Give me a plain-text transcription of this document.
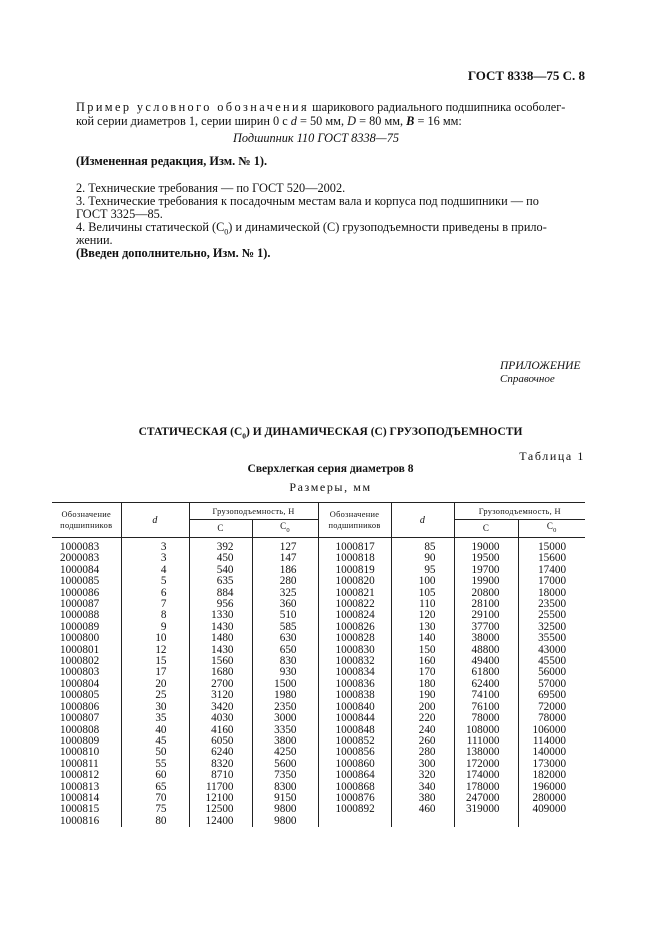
ГОСТ 8338—75 С. 8
Пример условного обозначения шарикового радиального подшипника особолег-
кой серии диаметров 1, серии ширин 0 с d = 50 мм, D = 80 мм, B = 16 мм:
Подшипник 110 ГОСТ 8338—75
(Измененная редакция, Изм. № 1).
2. Технические требования — по ГОСТ 520—2002.
3. Технические требования к посадочным местам вала и корпуса под подшипники — по
ГОСТ 3325—85.
4. Величины статической $(С_0)$ и динамической (С) грузоподъемности приведены в прило-
жении.
(Введен дополнительно, Изм. № 1).
ПРИЛОЖЕНИЕ
Справочное
СТАТИЧЕСКАЯ $(С_0)$ И ДИНАМИЧЕСКАЯ (С) ГРУЗОПОДЪЕМНОСТИ
Таблица 1
Сверхлегкая серия диаметров 8
Размеры, мм
Обозначение подшипников	d	Грузоподъемность, Н		Обозначение подшипников	d	Грузоподъемность, Н	
		С	$С_0$			С	$С_0$
1000083	3	392	127	1000817	85	19000	15000
2000083	3	450	147	1000818	90	19500	15600
1000084	4	540	186	1000819	95	19700	17400
1000085	5	635	280	1000820	100	19900	17000
1000086	6	884	325	1000821	105	20800	18000
1000087	7	956	360	1000822	110	28100	23500
1000088	8	1330	510	1000824	120	29100	25500
1000089	9	1430	585	1000826	130	37700	32500
1000800	10	1480	630	1000828	140	38000	35500
1000801	12	1430	650	1000830	150	48800	43000
1000802	15	1560	830	1000832	160	49400	45500
1000803	17	1680	930	1000834	170	61800	56000
1000804	20	2700	1500	1000836	180	62400	57000
1000805	25	3120	1980	1000838	190	74100	69500
1000806	30	3420	2350	1000840	200	76100	72000
1000807	35	4030	3000	1000844	220	78000	78000
1000808	40	4160	3350	1000848	240	108000	106000
1000809	45	6050	3800	1000852	260	111000	114000
1000810	50	6240	4250	1000856	280	138000	140000
1000811	55	8320	5600	1000860	300	172000	173000
1000812	60	8710	7350	1000864	320	174000	182000
1000813	65	11700	8300	1000868	340	178000	196000
1000814	70	12100	9150	1000876	380	247000	280000
1000815	75	12500	9800	1000892	460	319000	409000
1000816	80	12400	9800				
